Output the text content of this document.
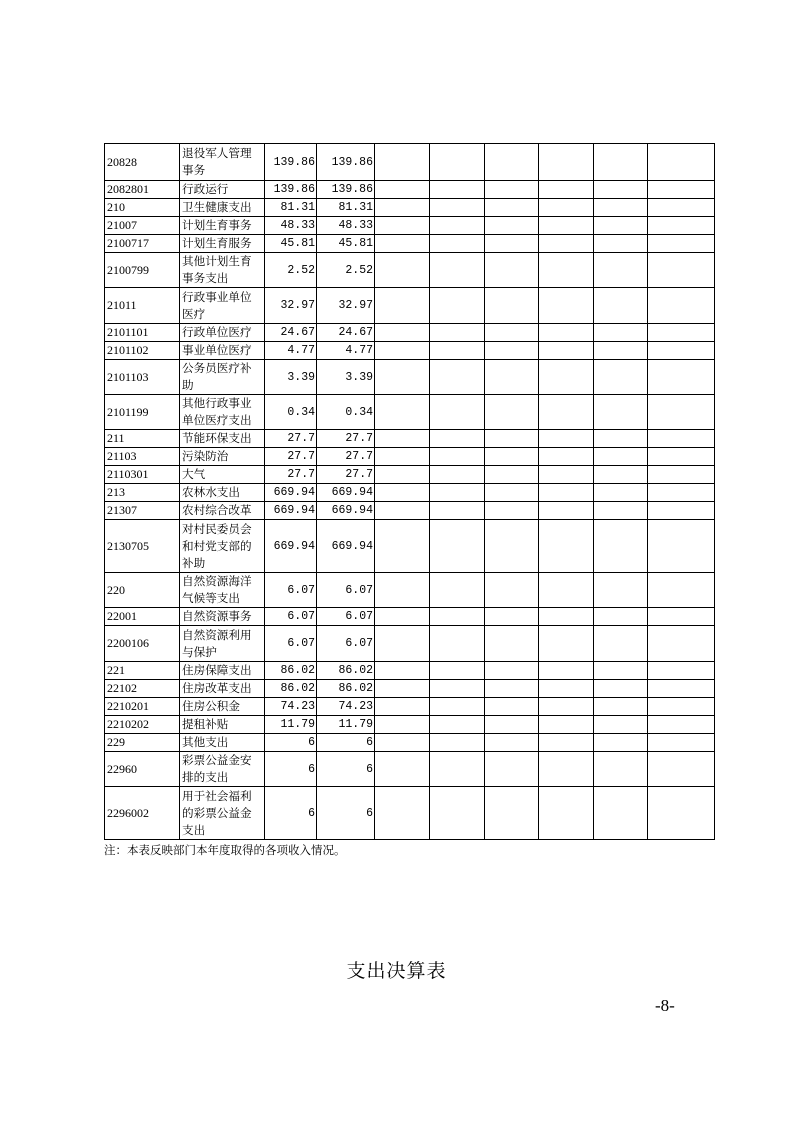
20828	退役军人管理事务	139.86	139.86						
2082801	行政运行	139.86	139.86						
210	卫生健康支出	81.31	81.31						
21007	计划生育事务	48.33	48.33						
2100717	计划生育服务	45.81	45.81						
2100799	其他计划生育事务支出	2.52	2.52						
21011	行政事业单位医疗	32.97	32.97						
2101101	行政单位医疗	24.67	24.67						
2101102	事业单位医疗	4.77	4.77						
2101103	公务员医疗补助	3.39	3.39						
2101199	其他行政事业单位医疗支出	0.34	0.34						
211	节能环保支出	27.7	27.7						
21103	污染防治	27.7	27.7						
2110301	大气	27.7	27.7						
213	农林水支出	669.94	669.94						
21307	农村综合改革	669.94	669.94						
2130705	对村民委员会和村党支部的补助	669.94	669.94						
220	自然资源海洋气候等支出	6.07	6.07						
22001	自然资源事务	6.07	6.07						
2200106	自然资源利用与保护	6.07	6.07						
221	住房保障支出	86.02	86.02						
22102	住房改革支出	86.02	86.02						
2210201	住房公积金	74.23	74.23						
2210202	提租补贴	11.79	11.79						
229	其他支出	6	6						
22960	彩票公益金安排的支出	6	6						
2296002	用于社会福利的彩票公益金支出	6	6						
注：本表反映部门本年度取得的各项收入情况。
支出决算表
-8-
